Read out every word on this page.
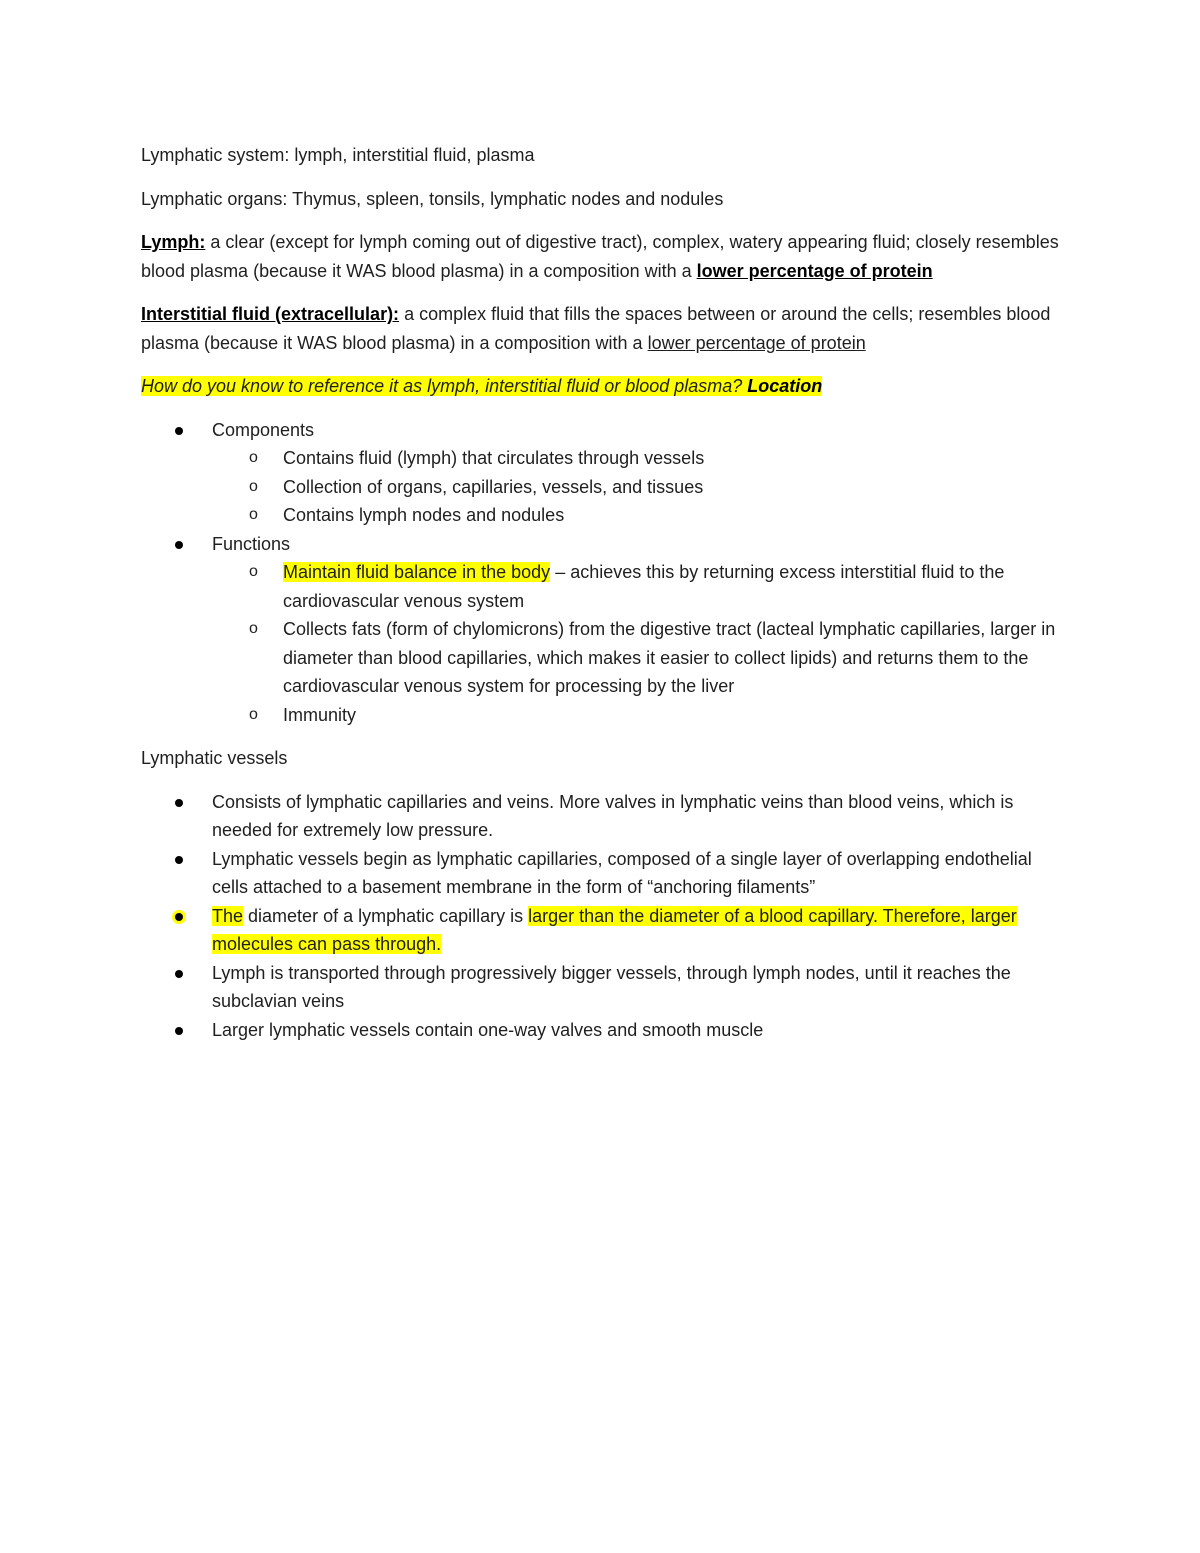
Lymphatic system: lymph, interstitial fluid, plasma

Lymphatic organs: Thymus, spleen, tonsils, lymphatic nodes and nodules

Lymph: a clear (except for lymph coming out of digestive tract), complex, watery appearing fluid; closely resembles blood plasma (because it WAS blood plasma) in a composition with a lower percentage of protein

Interstitial fluid (extracellular): a complex fluid that fills the spaces between or around the cells; resembles blood plasma (because it WAS blood plasma) in a composition with a lower percentage of protein

How do you know to reference it as lymph, interstitial fluid or blood plasma? Location

Components
o Contains fluid (lymph) that circulates through vessels
o Collection of organs, capillaries, vessels, and tissues
o Contains lymph nodes and nodules
Functions
o Maintain fluid balance in the body – achieves this by returning excess interstitial fluid to the cardiovascular venous system
o Collects fats (form of chylomicrons) from the digestive tract (lacteal lymphatic capillaries, larger in diameter than blood capillaries, which makes it easier to collect lipids) and returns them to the cardiovascular venous system for processing by the liver
o Immunity

Lymphatic vessels

Consists of lymphatic capillaries and veins. More valves in lymphatic veins than blood veins, which is needed for extremely low pressure.
Lymphatic vessels begin as lymphatic capillaries, composed of a single layer of overlapping endothelial cells attached to a basement membrane in the form of “anchoring filaments”
The diameter of a lymphatic capillary is larger than the diameter of a blood capillary. Therefore, larger molecules can pass through.
Lymph is transported through progressively bigger vessels, through lymph nodes, until it reaches the subclavian veins
Larger lymphatic vessels contain one-way valves and smooth muscle
